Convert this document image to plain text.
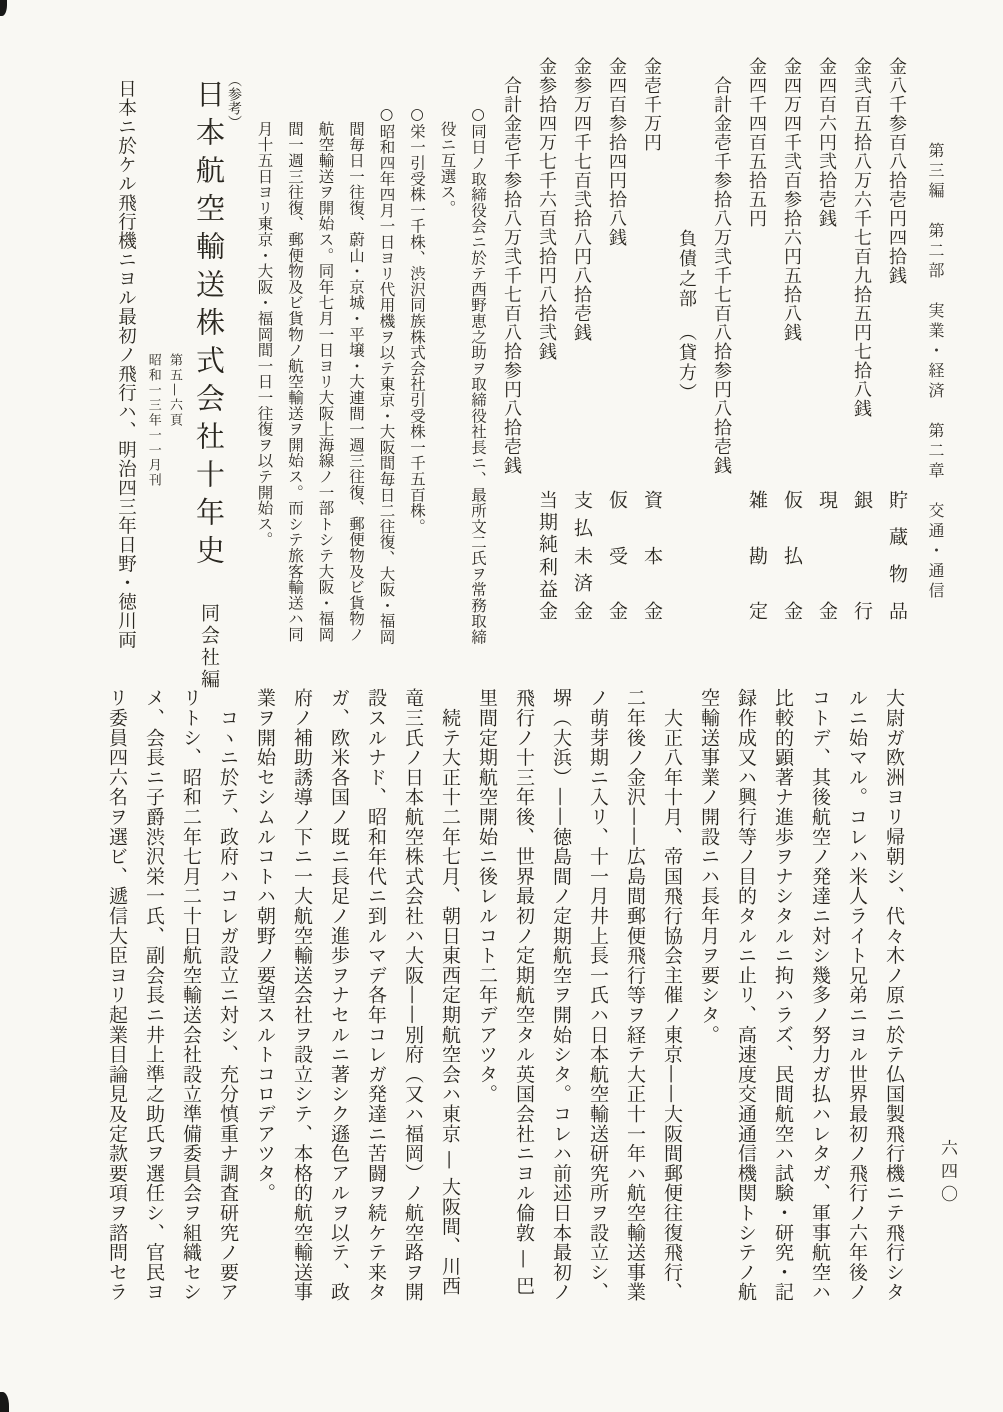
第三編　第二部　実業・経済　第二章　交通・通信
六四〇
金八千参百八拾壱円四拾銭
貯
蔵
物
品
金弐百五拾八万六千七百九拾五円七拾八銭
銀
行
金四百六円弐拾壱銭
現
金
金四万四千弐百参拾六円五拾八銭
仮
払
金
金四千四百五拾五円
雑
勘
定
　合計金壱千参拾八万弐千七百八拾参円八拾壱銭
負債之部（貸方）
金壱千万円
資
本
金
金四百参拾四円拾八銭
仮
受
金
金参万四千七百弐拾八円八拾壱銭
支
払
未
済
金
金参拾四万七千六百弐拾円八拾弐銭
当
期
純
利
益
金
　合計金壱千参拾八万弐千七百八拾参円八拾壱銭
○同日ノ取締役会ニ於テ西野恵之助ヲ取締役社長ニ、最所文二氏ヲ常務取締
　役ニ互選ス。
○栄一引受株一千株、渋沢同族株式会社引受株一千五百株。
○昭和四年四月一日ヨリ代用機ヲ以テ東京・大阪間毎日二往復、大阪・福岡
　間毎日一往復、蔚山・京城・平壌・大連間一週三往復、郵便物及ビ貨物ノ
　航空輸送ヲ開始ス。同年七月一日ヨリ大阪上海線ノ一部トシテ大阪・福岡
　間一週三往復、郵便物及ビ貨物ノ航空輸送ヲ開始ス。而シテ旅客輸送ハ同
　月十五日ヨリ東京・大阪・福岡間一日一往復ヲ以テ開始ス。
（参考）
日本航空輸送株式会社十年史同会社編
第五—六頁
昭和一三年一一月刊
日本ニ於ケル飛行機ニヨル最初ノ飛行ハ、明治四三年日野・徳川両
大尉ガ欧洲ヨリ帰朝シ、代々木ノ原ニ於テ仏国製飛行機ニテ飛行シタ
ルニ始マル。コレハ米人ライト兄弟ニヨル世界最初ノ飛行ノ六年後ノ
コトデ、其後航空ノ発達ニ対シ幾多ノ努力ガ払ハレタガ、軍事航空ハ
比較的顕著ナ進歩ヲナシタルニ拘ハラズ、民間航空ハ試験・研究・記
録作成又ハ興行等ノ目的タルニ止リ、高速度交通通信機関トシテノ航
空輸送事業ノ開設ニハ長年月ヲ要シタ。
　大正八年十月、帝国飛行協会主催ノ東京——大阪間郵便往復飛行、
二年後ノ金沢——広島間郵便飛行等ヲ経テ大正十一年ハ航空輸送事業
ノ萌芽期ニ入リ、十一月井上長一氏ハ日本航空輸送研究所ヲ設立シ、
堺（大浜）——徳島間ノ定期航空ヲ開始シタ。コレハ前述日本最初ノ
飛行ノ十三年後、世界最初ノ定期航空タル英国会社ニヨル倫敦 — 巴
里間定期航空開始ニ後レルコト二年デアツタ。
　続テ大正十二年七月、朝日東西定期航空会ハ東京 — 大阪間、川西
竜三氏ノ日本航空株式会社ハ大阪——別府（又ハ福岡）ノ航空路ヲ開
設スルナド、昭和年代ニ到ルマデ各年コレガ発達ニ苦闘ヲ続ケテ来タ
ガ、欧米各国ノ既ニ長足ノ進歩ヲナセルニ著シク遜色アルヲ以テ、政
府ノ補助誘導ノ下ニ一大航空輸送会社ヲ設立シテ、本格的航空輸送事
業ヲ開始セシムルコトハ朝野ノ要望スルトコロデアツタ。
　コヽニ於テ、政府ハコレガ設立ニ対シ、充分慎重ナ調査研究ノ要ア
リトシ、昭和二年七月二十日航空輸送会社設立準備委員会ヲ組織セシ
メ、会長ニ子爵渋沢栄一氏、副会長ニ井上準之助氏ヲ選任シ、官民ヨ
リ委員四六名ヲ選ビ、遞信大臣ヨリ起業目論見及定款要項ヲ諮問セラ
